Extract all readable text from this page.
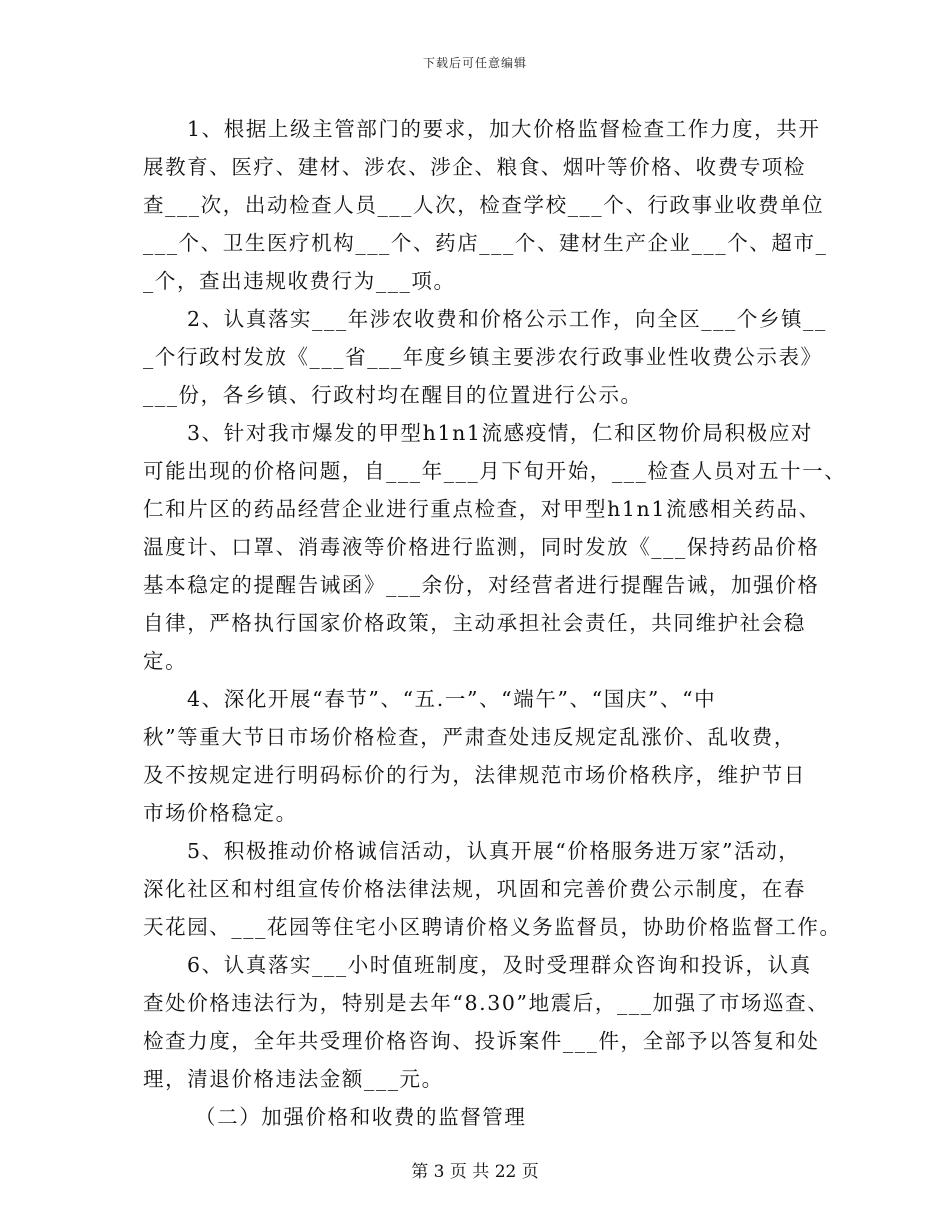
下载后可任意编辑
1、根据上级主管部门的要求，加大价格监督检查工作力度，共开
展教育、医疗、建材、涉农、涉企、粮食、烟叶等价格、收费专项检
查___次，出动检查人员___人次，检查学校___个、行政事业收费单位
___个、卫生医疗机构___个、药店___个、建材生产企业___个、超市_
_个，查出违规收费行为___项。
2、认真落实___年涉农收费和价格公示工作，向全区___个乡镇__
_个行政村发放《___省___年度乡镇主要涉农行政事业性收费公示表》
___份，各乡镇、行政村均在醒目的位置进行公示。
3、针对我市爆发的甲型h1n1流感疫情，仁和区物价局积极应对
可能出现的价格问题，自___年___月下旬开始，___检查人员对五十一、
仁和片区的药品经营企业进行重点检查，对甲型h1n1流感相关药品、
温度计、口罩、消毒液等价格进行监测，同时发放《___保持药品价格
基本稳定的提醒告诫函》___余份，对经营者进行提醒告诫，加强价格
自律，严格执行国家价格政策，主动承担社会责任，共同维护社会稳
定。
4、深化开展“春节”、“五.一”、“端午”、“国庆”、“中
秋”等重大节日市场价格检查，严肃查处违反规定乱涨价、乱收费，
及不按规定进行明码标价的行为，法律规范市场价格秩序，维护节日
市场价格稳定。
5、积极推动价格诚信活动，认真开展“价格服务进万家”活动，
深化社区和村组宣传价格法律法规，巩固和完善价费公示制度，在春
天花园、___花园等住宅小区聘请价格义务监督员，协助价格监督工作。
6、认真落实___小时值班制度，及时受理群众咨询和投诉，认真
查处价格违法行为，特别是去年“8.30”地震后，___加强了市场巡查、
检查力度，全年共受理价格咨询、投诉案件___件，全部予以答复和处
理，清退价格违法金额___元。
（二）加强价格和收费的监督管理
第 3 页 共 22 页
